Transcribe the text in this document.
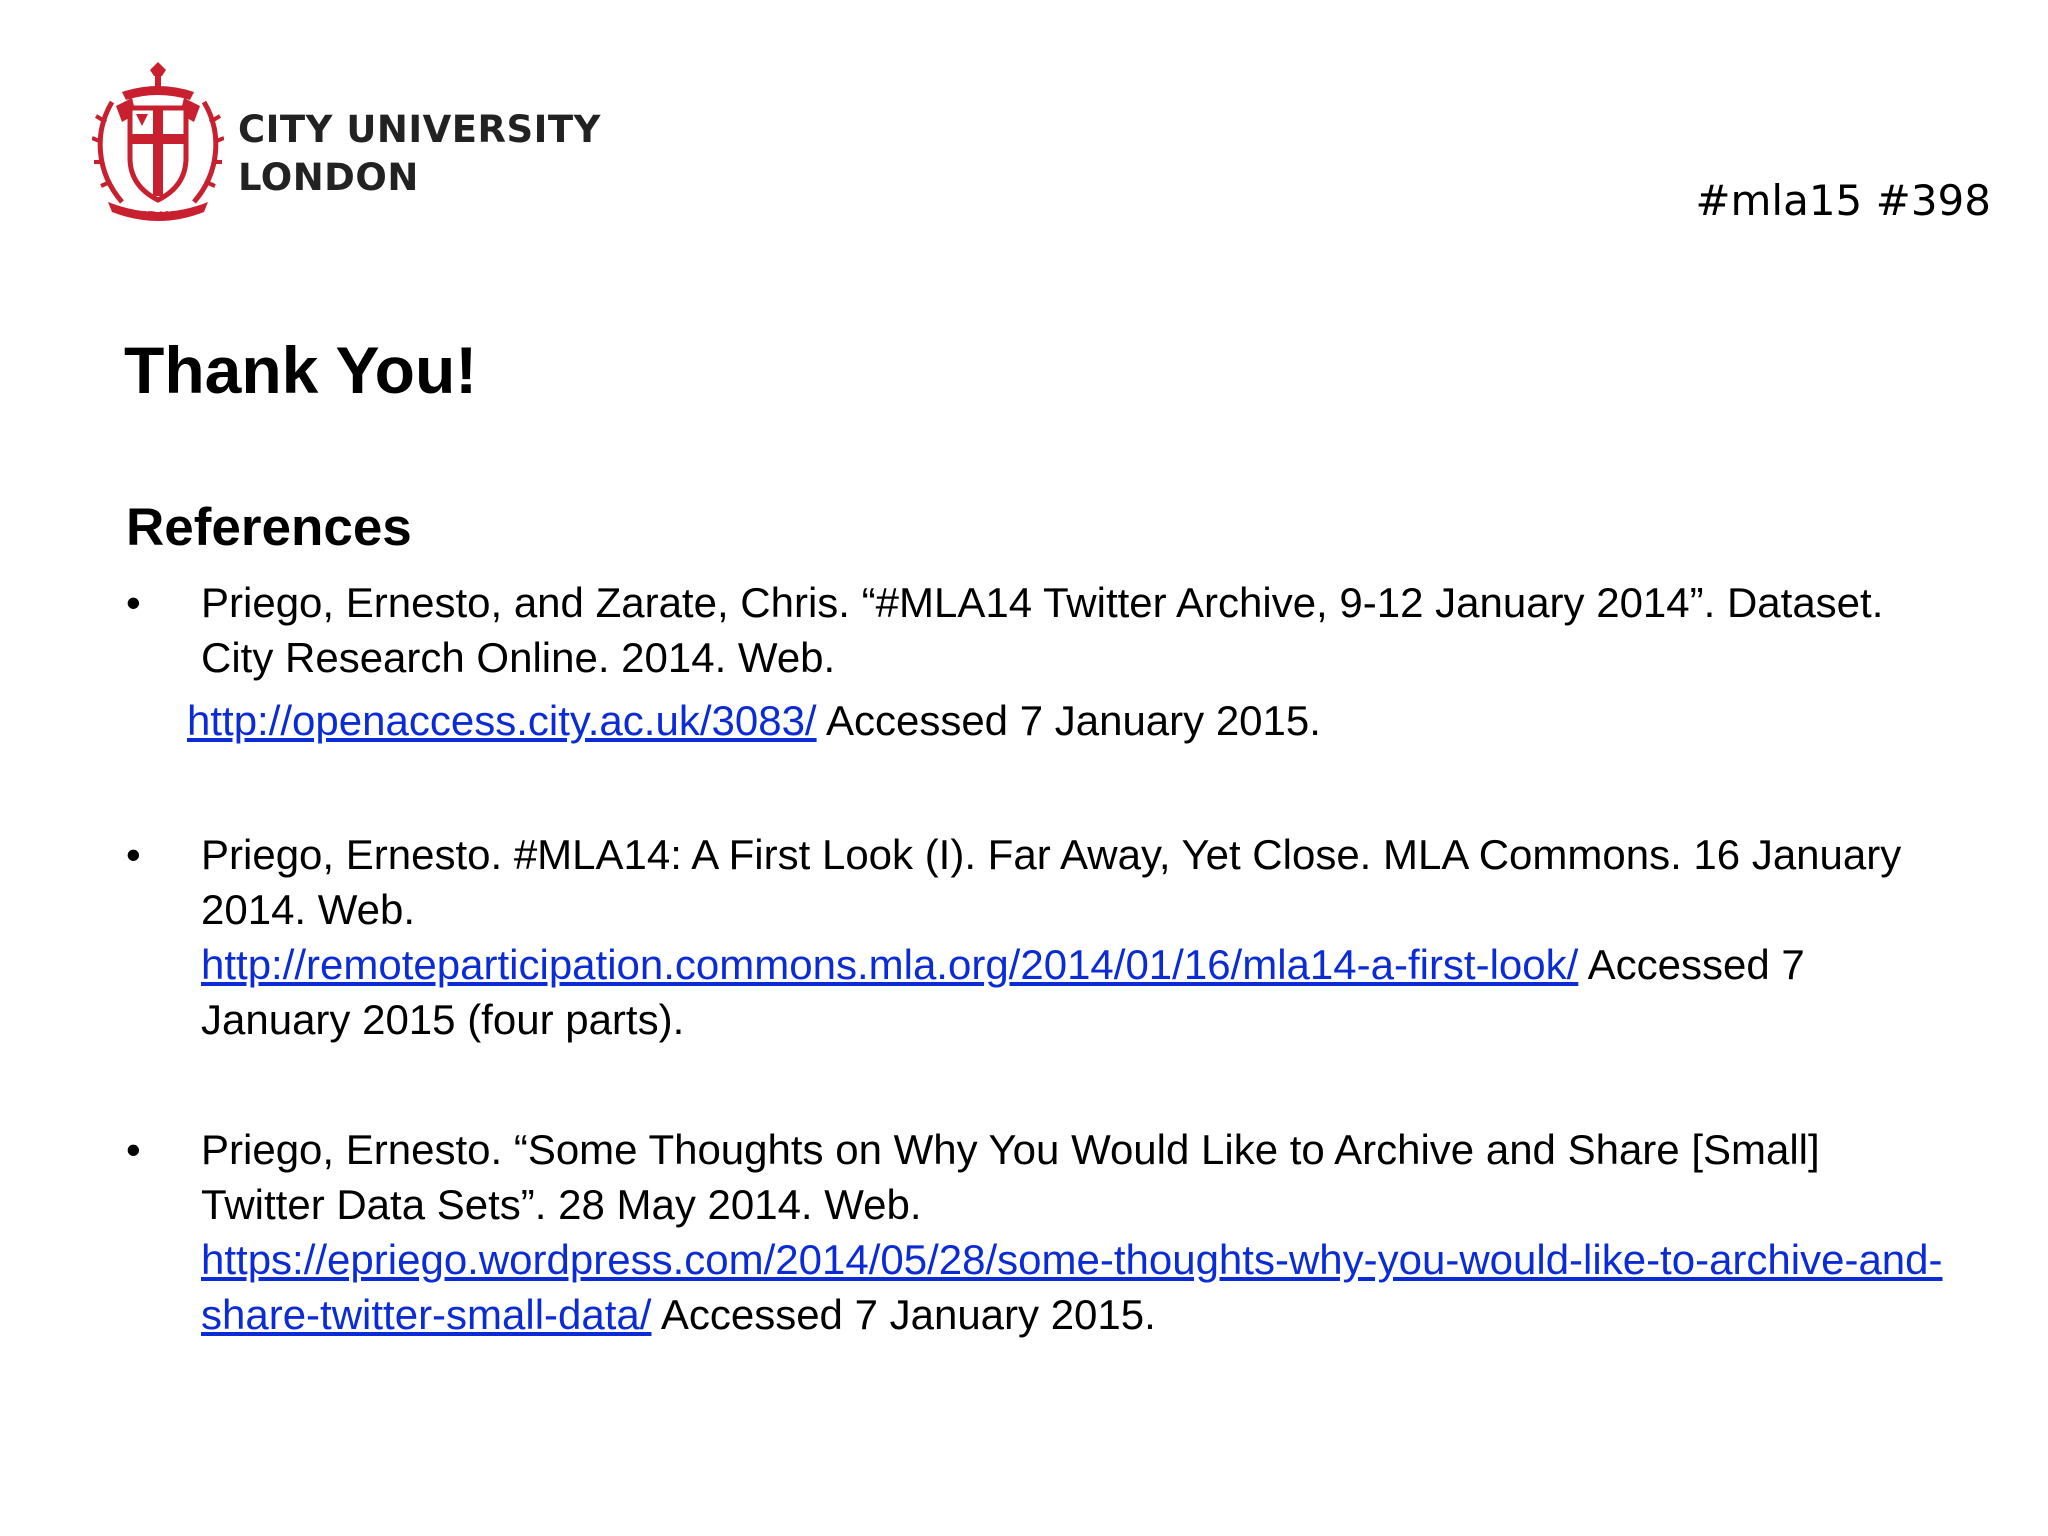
EST 1894
CITY UNIVERSITY
LONDON	#mla15 #398
Thank You!
References
•	Priego, Ernesto, and Zarate, Chris. “#MLA14 Twitter Archive, 9-12 January 2014”. Dataset. City Research Online. 2014. Web.
http://openaccess.city.ac.uk/3083/ Accessed 7 January 2015.
•	Priego, Ernesto. #MLA14: A First Look (I). Far Away, Yet Close. MLA Commons. 16 January 2014. Web.
http://remoteparticipation.commons.mla.org/2014/01/16/mla14-a-first-look/ Accessed 7 January 2015 (four parts).
•	Priego, Ernesto. “Some Thoughts on Why You Would Like to Archive and Share [Small] Twitter Data Sets”. 28 May 2014. Web.
https://epriego.wordpress.com/2014/05/28/some-thoughts-why-you-would-like-to-archive-and-share-twitter-small-data/ Accessed 7 January 2015.
